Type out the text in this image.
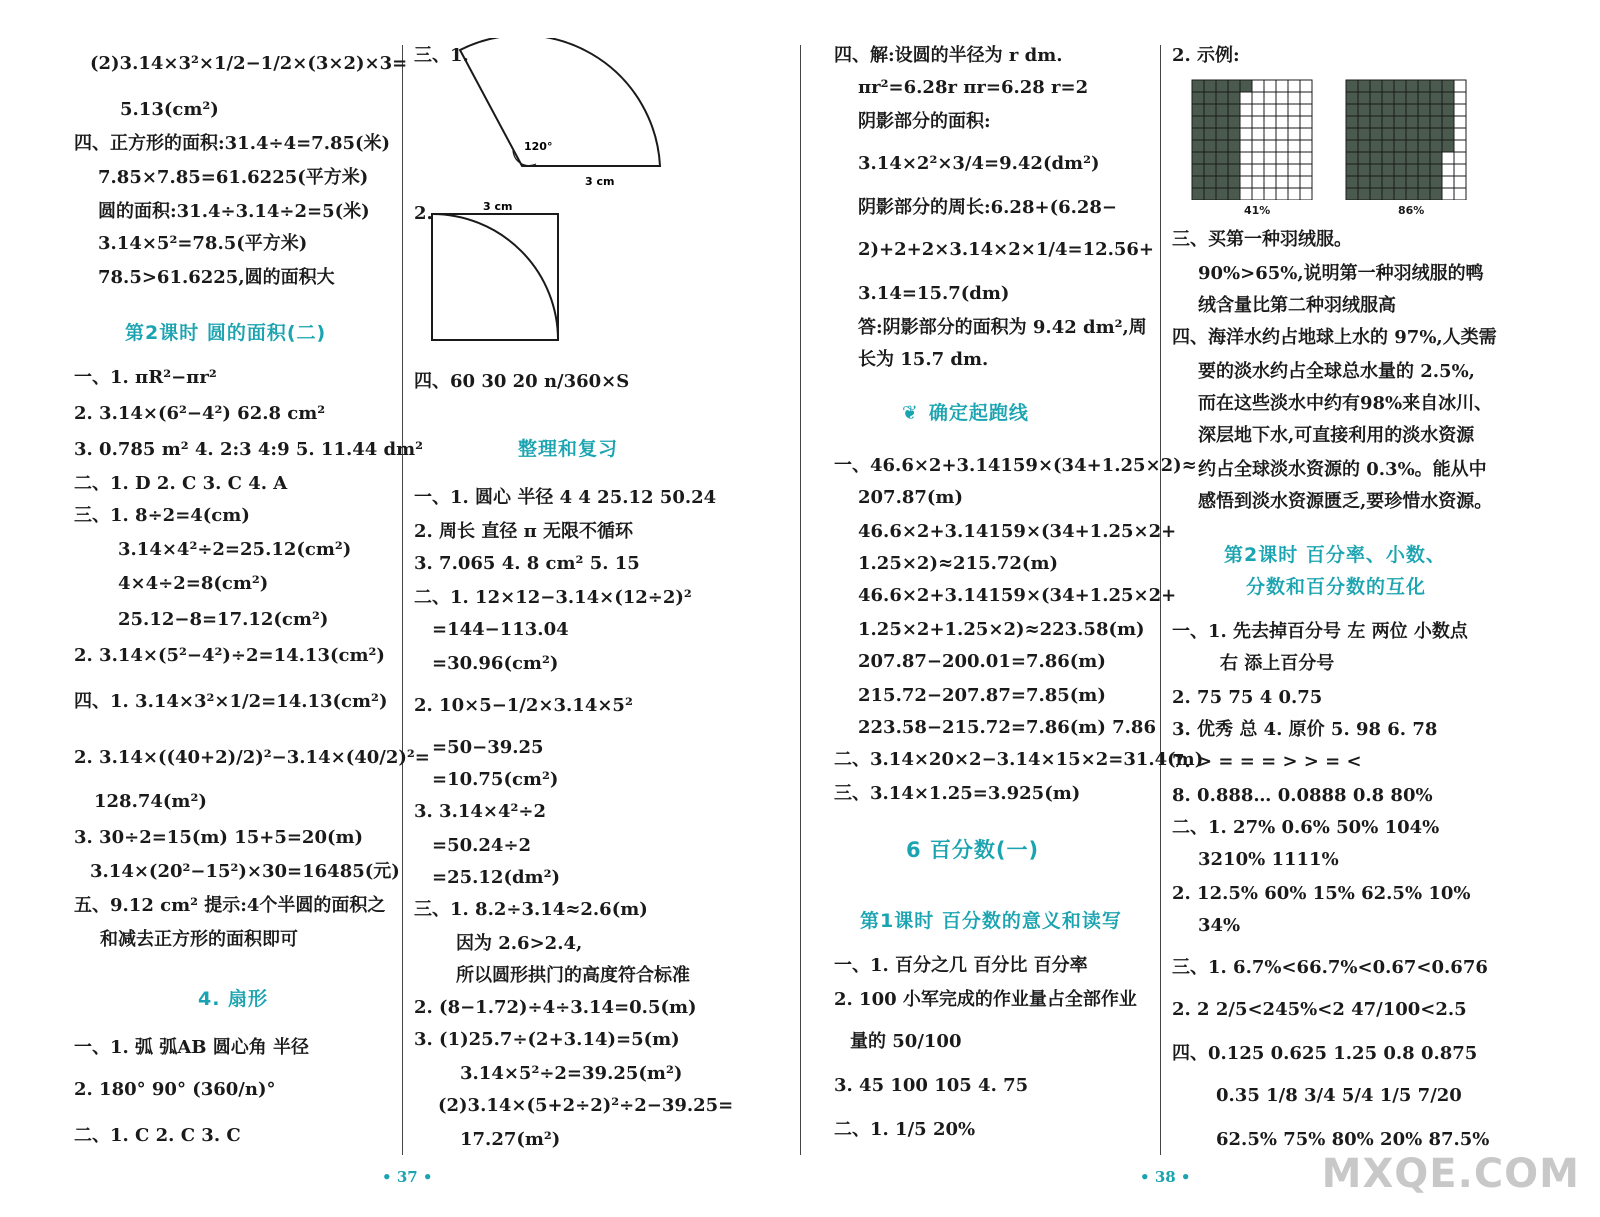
(2)3.14×3²×1/2−1/2×(3×2)×3=
5.13(cm²)
四、正方形的面积:31.4÷4=7.85(米)
7.85×7.85=61.6225(平方米)
圆的面积:31.4÷3.14÷2=5(米)
3.14×5²=78.5(平方米)
78.5>61.6225,圆的面积大
第2课时 圆的面积(二)
一、1. πR²−πr²
2. 3.14×(6²−4²) 62.8 cm²
3. 0.785 m² 4. 2:3 4:9 5. 11.44 dm²
二、1. D 2. C 3. C 4. A
三、1. 8÷2=4(cm)
3.14×4²÷2=25.12(cm²)
4×4÷2=8(cm²)
25.12−8=17.12(cm²)
2. 3.14×(5²−4²)÷2=14.13(cm²)
四、1. 3.14×3²×1/2=14.13(cm²)
2. 3.14×((40+2)/2)²−3.14×(40/2)²=
128.74(m²)
3. 30÷2=15(m) 15+5=20(m)
3.14×(20²−15²)×30=16485(元)
五、9.12 cm² 提示:4个半圆的面积之
和减去正方形的面积即可
4. 扇形
一、1. 弧 弧AB 圆心角 半径
2. 180° 90° (360/n)°
二、1. C 2. C 3. C
三、1.
120°
3 cm
2.	3 cm
四、60 30 20 n/360×S
整理和复习
一、1. 圆心 半径 4 4 25.12 50.24
2. 周长 直径 π 无限不循环
3. 7.065 4. 8 cm² 5. 15
二、1. 12×12−3.14×(12÷2)²
=144−113.04
=30.96(cm²)
2. 10×5−1/2×3.14×5²
=50−39.25
=10.75(cm²)
3. 3.14×4²÷2
=50.24÷2
=25.12(dm²)
三、1. 8.2÷3.14≈2.6(m)
因为 2.6>2.4,
所以圆形拱门的高度符合标准
2. (8−1.72)÷4÷3.14=0.5(m)
3. (1)25.7÷(2+3.14)=5(m)
3.14×5²÷2=39.25(m²)
(2)3.14×(5+2÷2)²÷2−39.25=
17.27(m²)
四、解:设圆的半径为 r dm.
πr²=6.28r πr=6.28 r=2
阴影部分的面积:
3.14×2²×3/4=9.42(dm²)
阴影部分的周长:6.28+(6.28−
2)+2+2×3.14×2×1/4=12.56+
3.14=15.7(dm)
答:阴影部分的面积为 9.42 dm²,周
长为 15.7 dm.
❦ 确定起跑线
一、46.6×2+3.14159×(34+1.25×2)≈
207.87(m)
46.6×2+3.14159×(34+1.25×2+
1.25×2)≈215.72(m)
46.6×2+3.14159×(34+1.25×2+
1.25×2+1.25×2)≈223.58(m)
207.87−200.01=7.86(m)
215.72−207.87=7.85(m)
223.58−215.72=7.86(m) 7.86
二、3.14×20×2−3.14×15×2=31.4(m)
三、3.14×1.25=3.925(m)
6 百分数(一)
第1课时 百分数的意义和读写
一、1. 百分之几 百分比 百分率
2. 100 小军完成的作业量占全部作业
量的 50/100
3. 45 100 105 4. 75
二、1. 1/5 20%
2. 示例:
41%	86%
三、买第一种羽绒服。
90%>65%,说明第一种羽绒服的鸭
绒含量比第二种羽绒服高
四、海洋水约占地球上水的 97%,人类需
要的淡水约占全球总水量的 2.5%,
而在这些淡水中约有98%来自冰川、
深层地下水,可直接利用的淡水资源
约占全球淡水资源的 0.3%。能从中
感悟到淡水资源匮乏,要珍惜水资源。
第2课时 百分率、小数、
分数和百分数的互化
一、1. 先去掉百分号 左 两位 小数点
右 添上百分号
2. 75 75 4 0.75
3. 优秀 总 4. 原价 5. 98 6. 78
7. > = = = > > = <
8. 0.888… 0.0888 0.8 80%
二、1. 27% 0.6% 50% 104%
3210% 1111%
2. 12.5% 60% 15% 62.5% 10%
34%
三、1. 6.7%<66.7%<0.67<0.676
2. 2 2/5<245%<2 47/100<2.5
四、0.125 0.625 1.25 0.8 0.875
0.35 1/8 3/4 5/4 1/5 7/20
62.5% 75% 80% 20% 87.5%
• 37 •	• 38 •	MXQE.COM
